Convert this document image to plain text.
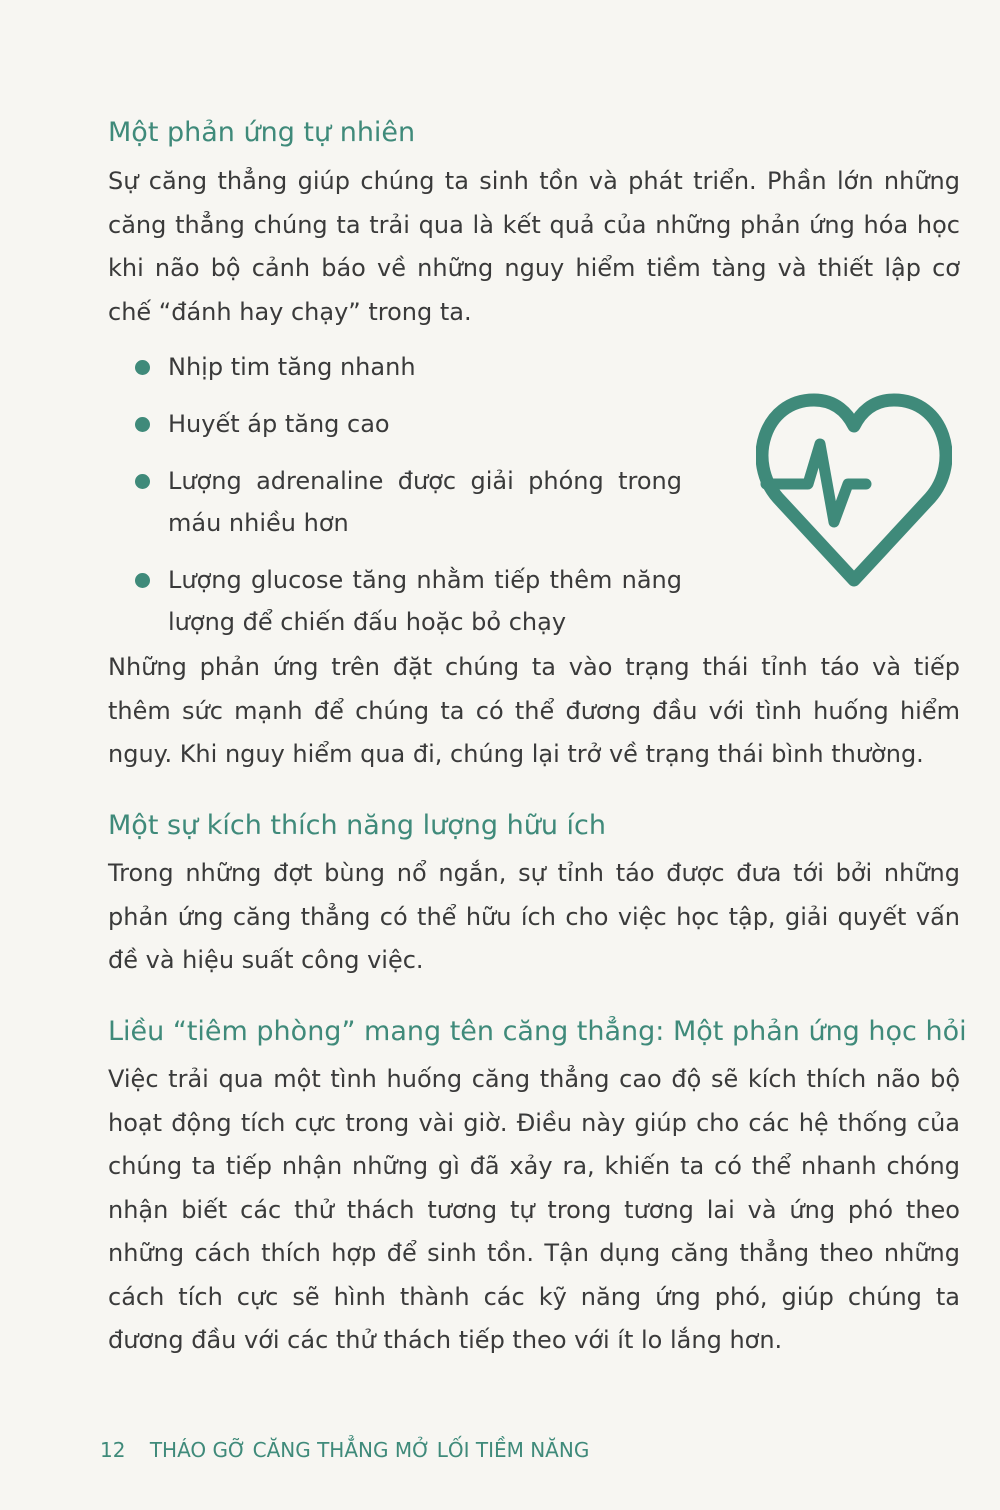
Một phản ứng tự nhiên

Sự căng thẳng giúp chúng ta sinh tồn và phát triển. Phần lớn những căng thẳng chúng ta trải qua là kết quả của những phản ứng hóa học khi não bộ cảnh báo về những nguy hiểm tiềm tàng và thiết lập cơ chế “đánh hay chạy” trong ta.

Nhịp tim tăng nhanh
Huyết áp tăng cao
Lượng adrenaline được giải phóng trong máu nhiều hơn
Lượng glucose tăng nhằm tiếp thêm năng lượng để chiến đấu hoặc bỏ chạy

Những phản ứng trên đặt chúng ta vào trạng thái tỉnh táo và tiếp thêm sức mạnh để chúng ta có thể đương đầu với tình huống hiểm nguy. Khi nguy hiểm qua đi, chúng lại trở về trạng thái bình thường.

Một sự kích thích năng lượng hữu ích

Trong những đợt bùng nổ ngắn, sự tỉnh táo được đưa tới bởi những phản ứng căng thẳng có thể hữu ích cho việc học tập, giải quyết vấn đề và hiệu suất công việc.

Liều “tiêm phòng” mang tên căng thẳng: Một phản ứng học hỏi

Việc trải qua một tình huống căng thẳng cao độ sẽ kích thích não bộ hoạt động tích cực trong vài giờ. Điều này giúp cho các hệ thống của chúng ta tiếp nhận những gì đã xảy ra, khiến ta có thể nhanh chóng nhận biết các thử thách tương tự trong tương lai và ứng phó theo những cách thích hợp để sinh tồn. Tận dụng căng thẳng theo những cách tích cực sẽ hình thành các kỹ năng ứng phó, giúp chúng ta đương đầu với các thử thách tiếp theo với ít lo lắng hơn.

12 THÁO GỠ CĂNG THẲNG MỞ LỐI TIỀM NĂNG
